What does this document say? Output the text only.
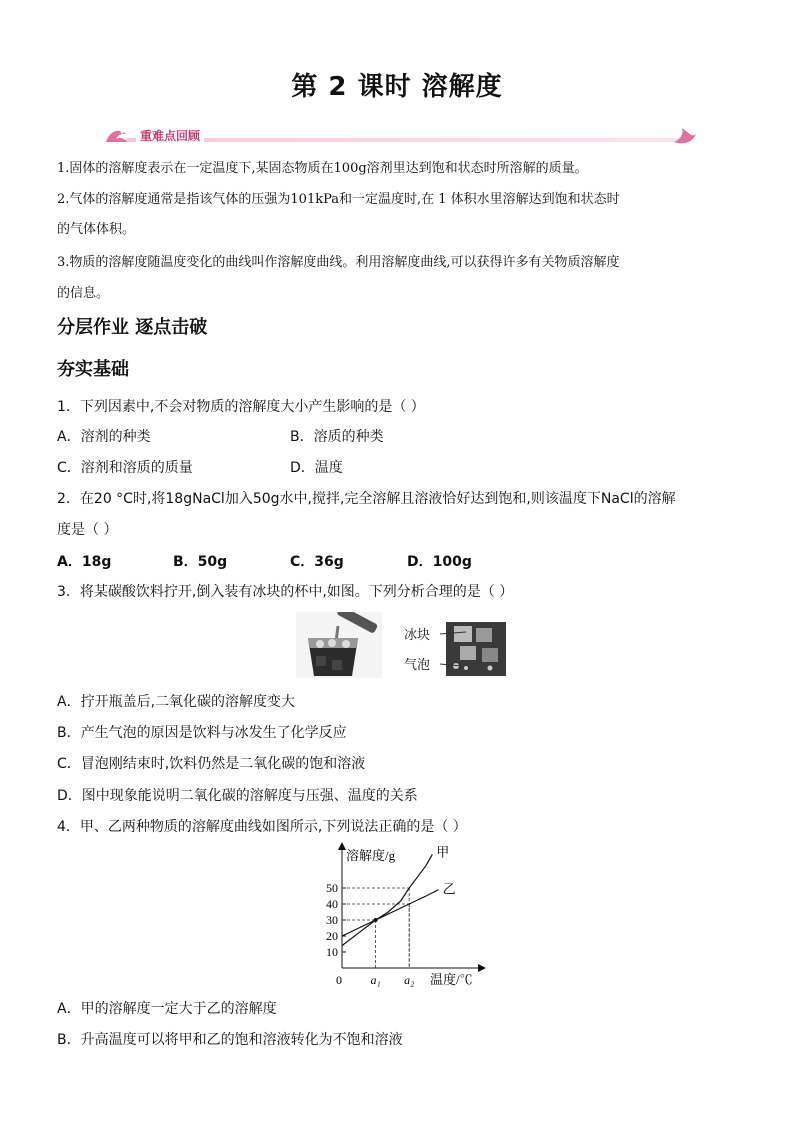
第 2 课时 溶解度
重难点回顾
1.固体的溶解度表示在一定温度下,某固态物质在100g溶剂里达到饱和状态时所溶解的质量。
2.气体的溶解度通常是指该气体的压强为101kPa和一定温度时,在 1 体积水里溶解达到饱和状态时
的气体体积。
3.物质的溶解度随温度变化的曲线叫作溶解度曲线。利用溶解度曲线,可以获得许多有关物质溶解度
的信息。
分层作业 逐点击破
夯实基础
1．下列因素中,不会对物质的溶解度大小产生影响的是（ ）
A．溶剂的种类	B．溶质的种类
C．溶剂和溶质的质量	D．温度
2．在20 °C时,将18gNaCl加入50g水中,搅拌,完全溶解且溶液恰好达到饱和,则该温度下NaCl的溶解
度是（ ）
A．18g	B．50g	C．36g	D．100g
3．将某碳酸饮料拧开,倒入装有冰块的杯中,如图。下列分析合理的是（ ）
冰块
气泡
A．拧开瓶盖后,二氧化碳的溶解度变大
B．产生气泡的原因是饮料与冰发生了化学反应
C．冒泡刚结束时,饮料仍然是二氧化碳的饱和溶液
D．图中现象能说明二氧化碳的溶解度与压强、温度的关系
4．甲、乙两种物质的溶解度曲线如图所示,下列说法正确的是（ ）
10
20
30
40
50
甲
乙
a₁ a₂
0
溶解度/g
温度/℃
A．甲的溶解度一定大于乙的溶解度
B．升高温度可以将甲和乙的饱和溶液转化为不饱和溶液
